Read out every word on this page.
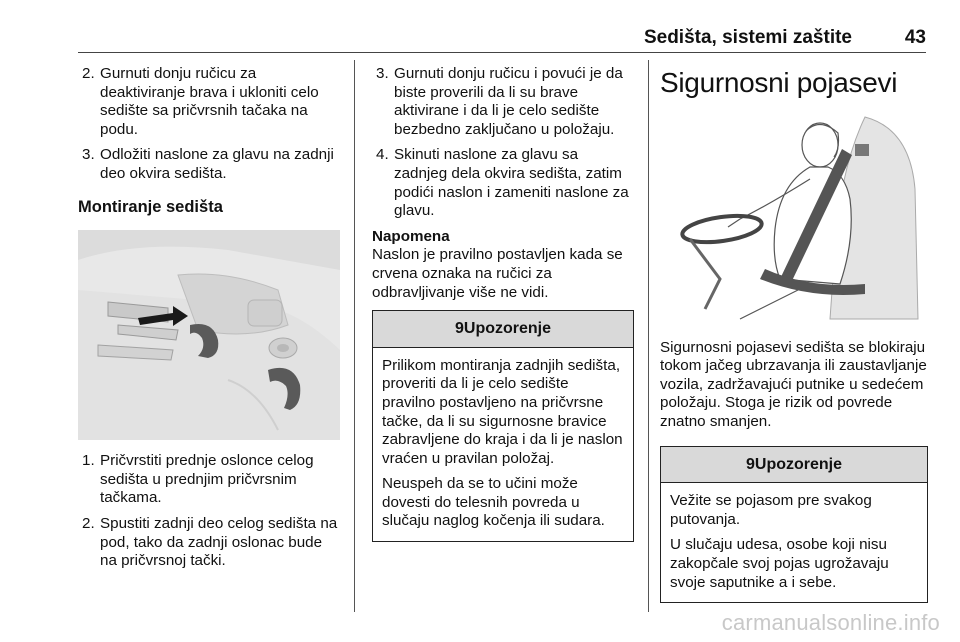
Sedišta, sistemi zaštite	43
2. Gurnuti donju ručicu za deaktiviranje brava i ukloniti celo sedište sa pričvrsnih tačaka na podu.
3. Odložiti naslone za glavu na zadnji deo okvira sedišta.
Montiranje sedišta
1. Pričvrstiti prednje oslonce celog sedišta u prednjim pričvrsnim tačkama.
2. Spustiti zadnji deo celog sedišta na pod, tako da zadnji oslonac bude na pričvrsnoj tački.
3. Gurnuti donju ručicu i povući je da biste proverili da li su brave aktivirane i da li je celo sedište bezbedno zaključano u položaju.
4. Skinuti naslone za glavu sa zadnjeg dela okvira sedišta, zatim podići naslon i zameniti naslone za glavu.
Napomena
Naslon je pravilno postavljen kada se crvena oznaka na ručici za odbravljivanje više ne vidi.
9Upozorenje

Prilikom montiranja zadnjih sedišta, proveriti da li je celo sedište pravilno postavljeno na pričvrsne tačke, da li su sigurnosne bravice zabravljene do kraja i da li je naslon vraćen u pravilan položaj.

Neuspeh da se to učini može dovesti do telesnih povreda u slučaju naglog kočenja ili sudara.

Sigurnosni pojasevi

Sigurnosni pojasevi sedišta se blokiraju tokom jačeg ubrzavanja ili zaustavljanje vozila, zadržavajući putnike u sedećem položaju. Stoga je rizik od povrede znatno smanjen.

9Upozorenje

Vežite se pojasom pre svakog putovanja.

U slučaju udesa, osobe koji nisu zakopčale svoj pojas ugrožavaju svoje saputnike a i sebe.

carmanualsonline.info
